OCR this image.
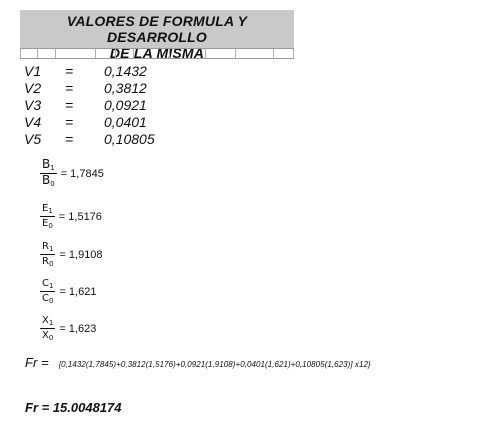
VALORES DE FORMULA Y DESARROLLO
DE LA MISMA
V1 = 0,1432
V2 = 0,3812
V3 = 0,0921
V4 = 0,0401
V5 = 0,10805
$\frac{B1}{B0} = 1,7845$
$\frac{E_1}{E_0} = 1,5176$
$\frac{R_1}{R_0} = 1,9108$
$\frac{C_1}{C_0} = 1,621$
$\frac{X_1}{X_0} = 1,623$
Fr = [0,1432(1,7845)+0,3812(1,5176)+0,0921(1,9108)+0,0401(1,621)+0,10805(1,623)] x12}
Fr = 15.0048174
